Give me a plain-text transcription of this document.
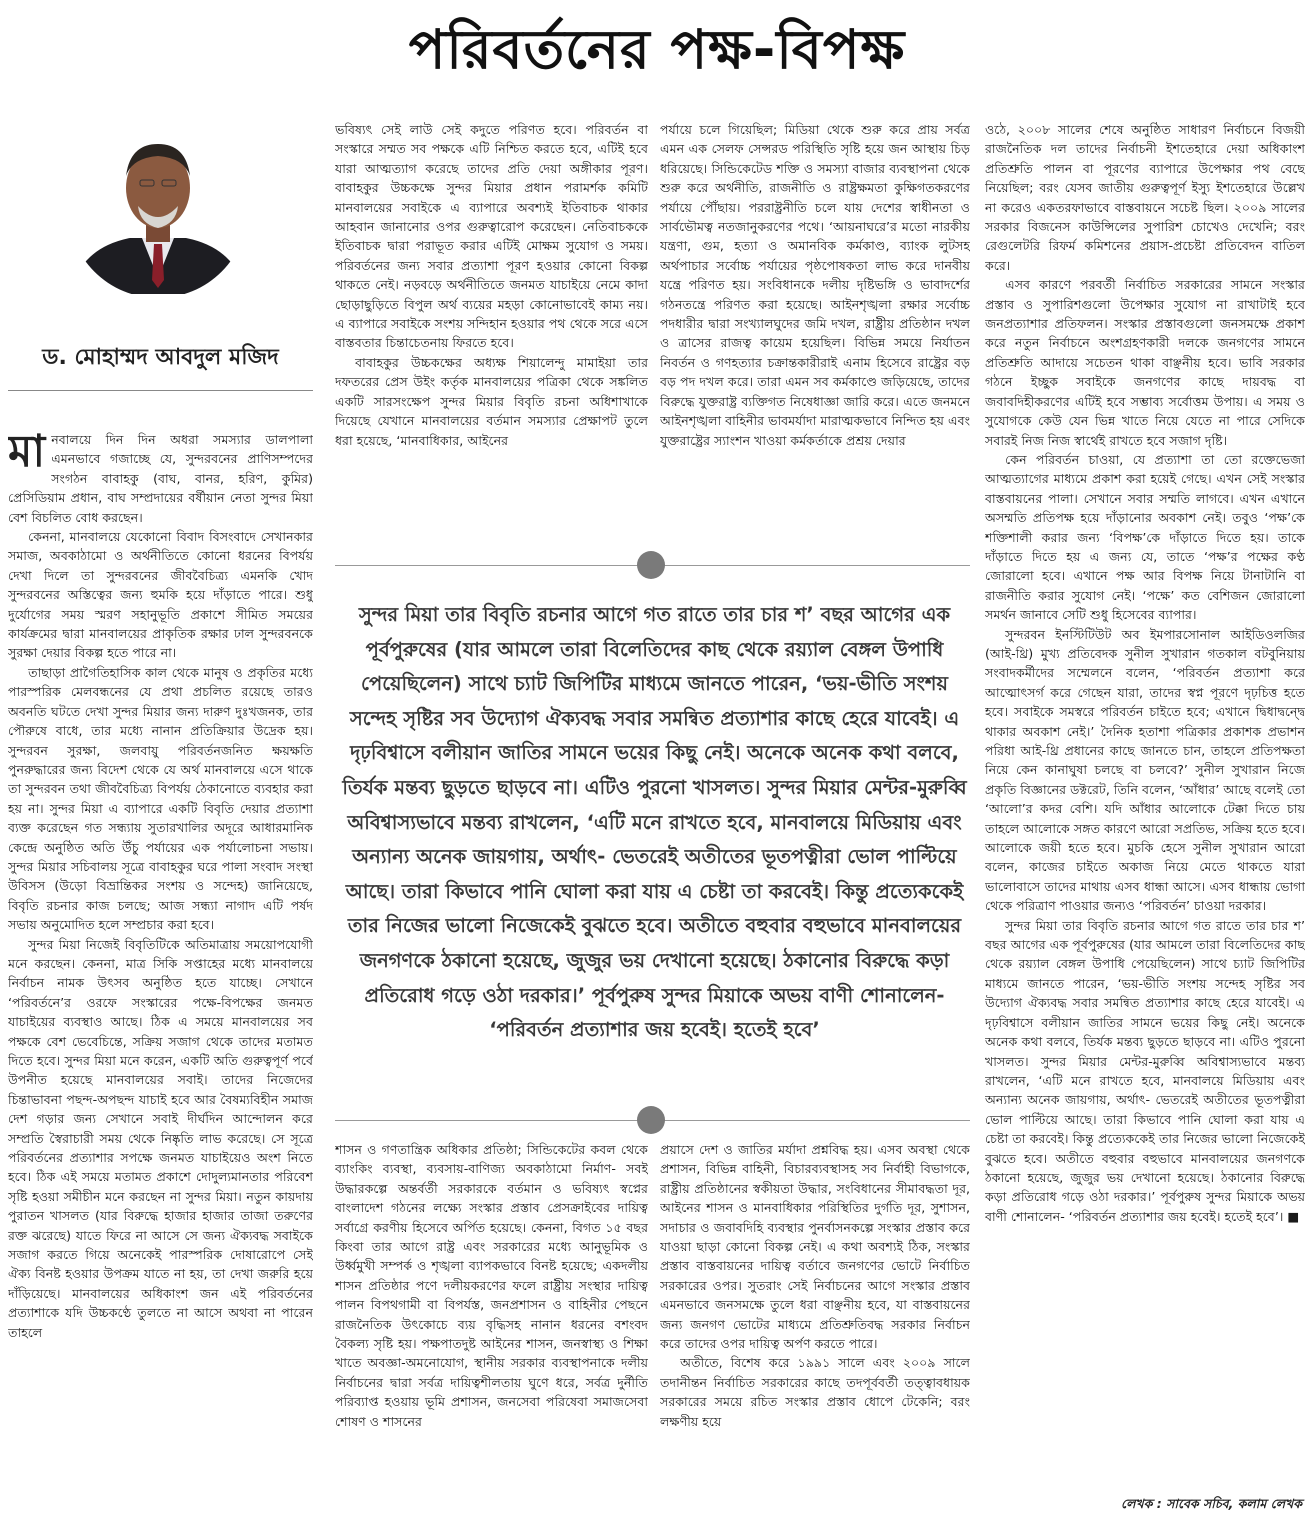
পরিবর্তনের পক্ষ-বিপক্ষ
ড. মোহাম্মদ আবদুল মজিদ

মানবালয়ে দিন দিন অধরা সমস্যার ডালপালা এমনভাবে গজাচ্ছে যে, সুন্দরবনের প্রাণিসম্পদের সংগঠন বাবাহকু (বাঘ, বানর, হরিণ, কুমির) প্রেসিডিয়াম প্রধান, বাঘ সম্প্রদায়ের বর্ষীয়ান নেতা সুন্দর মিয়া বেশ বিচলিত বোধ করছেন।

কেননা, মানবালয়ে যেকোনো বিবাদ বিসংবাদে সেখানকার সমাজ, অবকাঠামো ও অর্থনীতিতে কোনো ধরনের বিপর্যয় দেখা দিলে তা সুন্দরবনের জীববৈচিত্র্য এমনকি খোদ সুন্দরবনের অস্তিত্বের জন্য হুমকি হয়ে দাঁড়াতে পারে। শুধু দুর্যোগের সময় স্মরণ সহানুভূতি প্রকাশে সীমিত সময়ের কার্যক্রমের দ্বারা মানবালয়ের প্রাকৃতিক রক্ষার ঢাল সুন্দরবনকে সুরক্ষা দেয়ার বিকল্প হতে পারে না।

তাছাড়া প্রাগৈতিহাসিক কাল থেকে মানুষ ও প্রকৃতির মধ্যে পারস্পরিক মেলবন্ধনের যে প্রথা প্রচলিত রয়েছে তারও অবনতি ঘটতে দেখা সুন্দর মিয়ার জন্য দারুণ দুঃখজনক, তার পৌরুষে বাধে, তার মধ্যে নানান প্রতিক্রিয়ার উদ্রেক হয়। সুন্দরবন সুরক্ষা, জলবায়ু পরিবর্তনজনিত ক্ষয়ক্ষতি পুনরুদ্ধারের জন্য বিদেশ থেকে যে অর্থ মানবালয়ে এসে থাকে তা সুন্দরবন তথা জীববৈচিত্র্য বিপর্যয় ঠেকানোতে ব্যবহার করা হয় না। সুন্দর মিয়া এ ব্যাপারে একটি বিবৃতি দেয়ার প্রত্যাশা ব্যক্ত করেছেন গত সন্ধ্যায় সুতারখালির অদূরে আধারমানিক কেন্দ্রে অনুষ্ঠিত অতি উঁচু পর্যায়ের এক পর্যালোচনা সভায়। সুন্দর মিয়ার সচিবালয় সূত্রে বাবাহকুর ঘরে পালা সংবাদ সংস্থা উবিসস (উড়ো বিভ্রান্তিকর সংশয় ও সন্দেহ) জানিয়েছে, বিবৃতি রচনার কাজ চলছে; আজ সন্ধ্যা নাগাদ এটি পর্ষদ সভায় অনুমোদিত হলে সম্প্রচার করা হবে।

সুন্দর মিয়া নিজেই বিবৃতিটিকে অতিমাত্রায় সময়োপযোগী মনে করছেন। কেননা, মাত্র সিকি সপ্তাহের মধ্যে মানবালয়ে নির্বাচন নামক উৎসব অনুষ্ঠিত হতে যাচ্ছে। সেখানে ‘পরিবর্তনে’র ওরফে সংস্কারের পক্ষে-বিপক্ষের জনমত যাচাইয়ের ব্যবস্থাও আছে। ঠিক এ সময়ে মানবালয়ের সব পক্ষকে বেশ ভেবেচিন্তে, সক্রিয় সজাগ থেকে তাদের মতামত দিতে হবে। সুন্দর মিয়া মনে করেন, একটি অতি গুরুত্বপূর্ণ পর্বে উপনীত হয়েছে মানবালয়ের সবাই। তাদের নিজেদের চিন্তাভাবনা পছন্দ-অপছন্দ যাচাই হবে আর বৈষম্যবিহীন সমাজ দেশ গড়ার জন্য সেখানে সবাই দীর্ঘদিন আন্দোলন করে সম্প্রতি স্বৈরাচারী সময় থেকে নিষ্কৃতি লাভ করেছে। সে সূত্রে পরিবর্তনের প্রত্যাশার সপক্ষে জনমত যাচাইয়েও অংশ নিতে হবে। ঠিক এই সময়ে মতামত প্রকাশে দোদুল্যমানতার পরিবেশ সৃষ্টি হওয়া সমীচীন মনে করছেন না সুন্দর মিয়া। নতুন কায়দায় পুরাতন খাসলত (যার বিরুদ্ধে হাজার হাজার তাজা তরুণের রক্ত ঝরেছে) যাতে ফিরে না আসে সে জন্য ঐক্যবদ্ধ সবাইকে সজাগ করতে গিয়ে অনেকেই পারস্পরিক দোষারোপে সেই ঐক্য বিনষ্ট হওয়ার উপক্রম যাতে না হয়, তা দেখা জরুরি হয়ে দাঁড়িয়েছে। মানবালয়ের অধিকাংশ জন এই পরিবর্তনের প্রত্যাশাকে যদি উচ্চকণ্ঠে তুলতে না আসে অথবা না পারেন তাহলে

ভবিষ্যৎ সেই লাউ সেই কদুতে পরিণত হবে। পরিবর্তন বা সংস্কারে সম্মত সব পক্ষকে এটি নিশ্চিত করতে হবে, এটিই হবে যারা আত্মত্যাগ করেছে তাদের প্রতি দেয়া অঙ্গীকার পূরণ। বাবাহকুর উচ্চকক্ষে সুন্দর মিয়ার প্রধান পরামর্শক কমিটি মানবালয়ের সবাইকে এ ব্যাপারে অবশ্যই ইতিবাচক থাকার আহবান জানানোর ওপর গুরুত্বারোপ করেছেন। নেতিবাচককে ইতিবাচক দ্বারা পরাভূত করার এটিই মোক্ষম সুযোগ ও সময়। পরিবর্তনের জন্য সবার প্রত্যাশা পূরণ হওয়ার কোনো বিকল্প থাকতে নেই। নড়বড়ে অর্থনীতিতে জনমত যাচাইয়ে নেমে কাদা ছোড়াছুড়িতে বিপুল অর্থ ব্যয়ের মহড়া কোনোভাবেই কাম্য নয়। এ ব্যাপারে সবাইকে সংশয় সন্দিহান হওয়ার পথ থেকে সরে এসে বাস্তবতার চিন্তাচেতনায় ফিরতে হবে।

বাবাহকুর উচ্চকক্ষের অধ্যক্ষ শিয়ালেন্দু মামাইয়া তার দফতরের প্রেস উইং কর্তৃক মানবালয়ের পত্রিকা থেকে সঙ্কলিত একটি সারসংক্ষেপ সুন্দর মিয়ার বিবৃতি রচনা অধিশাখাকে দিয়েছে যেখানে মানবালয়ের বর্তমান সমস্যার প্রেক্ষাপট তুলে ধরা হয়েছে, ‘মানবাধিকার, আইনের

পর্যায়ে চলে গিয়েছিল; মিডিয়া থেকে শুরু করে প্রায় সর্বত্র এমন এক সেলফ সেন্সরড পরিস্থিতি সৃষ্টি হয়ে জন আস্থায় চিড় ধরিয়েছে। সিন্ডিকেটেড শক্তি ও সমস্যা বাজার ব্যবস্থাপনা থেকে শুরু করে অর্থনীতি, রাজনীতি ও রাষ্ট্রক্ষমতা কুক্ষিগতকরণের পর্যায়ে পৌঁছায়। পররাষ্ট্রনীতি চলে যায় দেশের স্বাধীনতা ও সার্বভৌমত্ব নতজানুকরণের পথে। ‘আয়নাঘরে’র মতো নারকীয় যন্ত্রণা, গুম, হত্যা ও অমানবিক কর্মকাণ্ড, ব্যাংক লুটসহ অর্থপাচার সর্বোচ্চ পর্যায়ের পৃষ্ঠপোষকতা লাভ করে দানবীয় যন্ত্রে পরিণত হয়। সংবিধানকে দলীয় দৃষ্টিভঙ্গি ও ভাবাদর্শের গঠনতন্ত্রে পরিণত করা হয়েছে। আইনশৃঙ্খলা রক্ষার সর্বোচ্চ পদধারীর দ্বারা সংখ্যালঘুদের জমি দখল, রাষ্ট্রীয় প্রতিষ্ঠান দখল ও ত্রাসের রাজত্ব কায়েম হয়েছিল। বিভিন্ন সময়ে নির্যাতন নিবর্তন ও গণহত্যার চক্রান্তকারীরাই এনাম হিসেবে রাষ্ট্রের বড় বড় পদ দখল করে। তারা এমন সব কর্মকাণ্ডে জড়িয়েছে, তাদের বিরুদ্ধে যুক্তরাষ্ট্র ব্যক্তিগত নিষেধাজ্ঞা জারি করে। এতে জনমনে আইনশৃঙ্খলা বাহিনীর ভাবমর্যাদা মারাত্মকভাবে নিন্দিত হয় এবং যুক্তরাষ্ট্রের স্যাংশন খাওয়া কর্মকর্তাকে প্রশ্রয় দেয়ার

সুন্দর মিয়া তার বিবৃতি রচনার আগে গত রাতে তার চার শ’ বছর আগের এক পূর্বপুরুষের (যার আমলে তারা বিলেতিদের কাছ থেকে রয়্যাল বেঙ্গল উপাধি পেয়েছিলেন) সাথে চ্যাট জিপিটির মাধ্যমে জানতে পারেন, ‘ভয়-ভীতি সংশয় সন্দেহ সৃষ্টির সব উদ্যোগ ঐক্যবদ্ধ সবার সমন্বিত প্রত্যাশার কাছে হেরে যাবেই। এ দৃঢ়বিশ্বাসে বলীয়ান জাতির সামনে ভয়ের কিছু নেই। অনেকে অনেক কথা বলবে, তির্যক মন্তব্য ছুড়তে ছাড়বে না। এটিও পুরনো খাসলত। সুন্দর মিয়ার মেন্টর-মুরুব্বি অবিশ্বাস্যভাবে মন্তব্য রাখলেন, ‘এটি মনে রাখতে হবে, মানবালয়ে মিডিয়ায় এবং অন্যান্য অনেক জায়গায়, অর্থাৎ- ভেতরেই অতীতের ভূতপত্নীরা ভোল পাল্টিয়ে আছে। তারা কিভাবে পানি ঘোলা করা যায় এ চেষ্টা তা করবেই। কিন্তু প্রত্যেককেই তার নিজের ভালো নিজেকেই বুঝতে হবে। অতীতে বহুবার বহুভাবে মানবালয়ের জনগণকে ঠকানো হয়েছে, জুজুর ভয় দেখানো হয়েছে। ঠকানোর বিরুদ্ধে কড়া প্রতিরোধ গড়ে ওঠা দরকার।’ পূর্বপুরুষ সুন্দর মিয়াকে অভয় বাণী শোনালেন- ‘পরিবর্তন প্রত্যাশার জয় হবেই। হতেই হবে’

শাসন ও গণতান্ত্রিক অধিকার প্রতিষ্ঠা; সিন্ডিকেটের কবল থেকে ব্যাংকিং ব্যবস্থা, ব্যবসায়-বাণিজ্য অবকাঠামো নির্মাণ- সবই উদ্ধারকল্পে অন্তর্বর্তী সরকারকে বর্তমান ও ভবিষ্যৎ স্বপ্নের বাংলাদেশ গঠনের লক্ষ্যে সংস্কার প্রস্তাব প্রেসক্রাইবের দায়িত্ব সর্বাগ্রে করণীয় হিসেবে অর্পিত হয়েছে। কেননা, বিগত ১৫ বছর কিংবা তার আগে রাষ্ট্র এবং সরকারের মধ্যে আনুভূমিক ও উর্ধ্বমুখী সম্পর্ক ও শৃঙ্খলা ব্যাপকভাবে বিনষ্ট হয়েছে; একদলীয় শাসন প্রতিষ্ঠার পণে দলীয়করণের ফলে রাষ্ট্রীয় সংস্থার দায়িত্ব পালন বিপথগামী বা বিপর্যস্ত, জনপ্রশাসন ও বাহিনীর পেছনে রাজনৈতিক উৎকোচে ব্যয় বৃদ্ধিসহ নানান ধরনের বশংবদ বৈকল্য সৃষ্টি হয়। পক্ষপাতদুষ্ট আইনের শাসন, জনস্বাস্থ্য ও শিক্ষা খাতে অবজ্ঞা-অমনোযোগ, স্থানীয় সরকার ব্যবস্থাপনাকে দলীয় নির্বাচনের দ্বারা সর্বত্র দায়িত্বশীলতায় ঘুণে ধরে, সর্বত্র দুর্নীতি পরিব্যাপ্ত হওয়ায় ভূমি প্রশাসন, জনসেবা পরিষেবা সমাজসেবা শোষণ ও শাসনের

প্রয়াসে দেশ ও জাতির মর্যাদা প্রশ্নবিদ্ধ হয়। এসব অবস্থা থেকে প্রশাসন, বিভিন্ন বাহিনী, বিচারব্যবস্থাসহ সব নির্বাহী বিভাগকে, রাষ্ট্রীয় প্রতিষ্ঠানের স্বকীয়তা উদ্ধার, সংবিধানের সীমাবদ্ধতা দূর, আইনের শাসন ও মানবাধিকার পরিস্থিতির দুর্গতি দূর, সুশাসন, সদাচার ও জবাবদিহি ব্যবস্থার পুনর্বাসনকল্পে সংস্কার প্রস্তাব করে যাওয়া ছাড়া কোনো বিকল্প নেই। এ কথা অবশ্যই ঠিক, সংস্কার প্রস্তাব বাস্তবায়নের দায়িত্ব বর্তাবে জনগণের ভোটে নির্বাচিত সরকারের ওপর। সুতরাং সেই নির্বাচনের আগে সংস্কার প্রস্তাব এমনভাবে জনসমক্ষে তুলে ধরা বাঞ্ছনীয় হবে, যা বাস্তবায়নের জন্য জনগণ ভোটের মাধ্যমে প্রতিশ্রুতিবদ্ধ সরকার নির্বাচন করে তাদের ওপর দায়িত্ব অর্পণ করতে পারে।

অতীতে, বিশেষ করে ১৯৯১ সালে এবং ২০০৯ সালে তদানীন্তন নির্বাচিত সরকারের কাছে তদপূর্ববর্তী তত্ত্বাবধায়ক সরকারের সময়ে রচিত সংস্কার প্রস্তাব ধোপে টেকেনি; বরং লক্ষণীয় হয়ে

ওঠে, ২০০৮ সালের শেষে অনুষ্ঠিত সাধারণ নির্বাচনে বিজয়ী রাজনৈতিক দল তাদের নির্বাচনী ইশতেহারে দেয়া অধিকাংশ প্রতিশ্রুতি পালন বা পূরণের ব্যাপারে উপেক্ষার পথ বেছে নিয়েছিল; বরং যেসব জাতীয় গুরুত্বপূর্ণ ইস্যু ইশতেহারে উল্লেখ না করেও একতরফাভাবে বাস্তবায়নে সচেষ্ট ছিল। ২০০৯ সালের সরকার বিজনেস কাউন্সিলের সুপারিশ চোখেও দেখেনি; বরং রেগুলেটরি রিফর্ম কমিশনের প্রয়াস-প্রচেষ্টা প্রতিবেদন বাতিল করে।

এসব কারণে পরবর্তী নির্বাচিত সরকারের সামনে সংস্কার প্রস্তাব ও সুপারিশগুলো উপেক্ষার সুযোগ না রাখাটাই হবে জনপ্রত্যাশার প্রতিফলন। সংস্কার প্রস্তাবগুলো জনসমক্ষে প্রকাশ করে নতুন নির্বাচনে অংশগ্রহণকারী দলকে জনগণের সামনে প্রতিশ্রুতি আদায়ে সচেতন থাকা বাঞ্ছনীয় হবে। ভাবি সরকার গঠনে ইচ্ছুক সবাইকে জনগণের কাছে দায়বদ্ধ বা জবাবদিহীকরণের এটিই হবে সম্ভাব্য সর্বোত্তম উপায়। এ সময় ও সুযোগকে কেউ যেন ভিন্ন খাতে নিয়ে যেতে না পারে সেদিকে সবারই নিজ নিজ স্বার্থেই রাখতে হবে সজাগ দৃষ্টি।

কেন পরিবর্তন চাওয়া, যে প্রত্যাশা তা তো রক্তেভেজা আত্মত্যাগের মাধ্যমে প্রকাশ করা হয়েই গেছে। এখন সেই সংস্কার বাস্তবায়নের পালা। সেখানে সবার সম্মতি লাগবে। এখন এখানে অসম্মতি প্রতিপক্ষ হয়ে দাঁড়ানোর অবকাশ নেই। তবুও ‘পক্ষ’কে শক্তিশালী করার জন্য ‘বিপক্ষ’কে দাঁড়াতে দিতে হয়। তাকে দাঁড়াতে দিতে হয় এ জন্য যে, তাতে ‘পক্ষ’র পক্ষের কণ্ঠ জোরালো হবে। এখানে পক্ষ আর বিপক্ষ নিয়ে টানাটানি বা রাজনীতি করার সুযোগ নেই। ‘পক্ষে’ কত বেশিজন জোরালো সমর্থন জানাবে সেটি শুধু হিসেবের ব্যাপার।

সুন্দরবন ইনস্টিটিউট অব ইমপারসোনাল আইডিওলজির (আই-থ্রি) মুখ্য প্রতিবেদক সুনীল সুখারান গতকাল বটবুনিয়ায় সংবাদকর্মীদের সম্মেলনে বলেন, ‘পরিবর্তন প্রত্যাশা করে আত্মোৎসর্গ করে গেছেন যারা, তাদের স্বপ্ন পূরণে দৃঢ়চিত্ত হতে হবে। সবাইকে সমস্বরে পরিবর্তন চাইতে হবে; এখানে দ্বিধাদ্বন্দ্বে থাকার অবকাশ নেই।’ দৈনিক হতাশা পত্রিকার প্রকাশক প্রভাশন পরিধা আই-থ্রি প্রধানের কাছে জানতে চান, তাহলে প্রতিপক্ষতা নিয়ে কেন কানাঘুষা চলছে বা চলবে?’ সুনীল সুখারান নিজে প্রকৃতি বিজ্ঞানের ডক্টরেট, তিনি বলেন, ‘আঁধার’ আছে বলেই তো ‘আলো’র কদর বেশি। যদি আঁধার আলোকে টেক্কা দিতে চায় তাহলে আলোকে সঙ্গত কারণে আরো সপ্রতিভ, সক্রিয় হতে হবে। আলোকে জয়ী হতে হবে। মুচকি হেসে সুনীল সুখারান আরো বলেন, কাজের চাইতে অকাজ নিয়ে মেতে থাকতে যারা ভালোবাসে তাদের মাথায় এসব ধান্ধা আসে। এসব ধান্ধায় ভোগা থেকে পরিত্রাণ পাওয়ার জন্যও ‘পরিবর্তন’ চাওয়া দরকার।

সুন্দর মিয়া তার বিবৃতি রচনার আগে গত রাতে তার চার শ’ বছর আগের এক পূর্বপুরুষের (যার আমলে তারা বিলেতিদের কাছ থেকে রয়্যাল বেঙ্গল উপাধি পেয়েছিলেন) সাথে চ্যাট জিপিটির মাধ্যমে জানতে পারেন, ‘ভয়-ভীতি সংশয় সন্দেহ সৃষ্টির সব উদ্যোগ ঐক্যবদ্ধ সবার সমন্বিত প্রত্যাশার কাছে হেরে যাবেই। এ দৃঢ়বিশ্বাসে বলীয়ান জাতির সামনে ভয়ের কিছু নেই। অনেকে অনেক কথা বলবে, তির্যক মন্তব্য ছুড়তে ছাড়বে না। এটিও পুরনো খাসলত। সুন্দর মিয়ার মেন্টর-মুরুব্বি অবিশ্বাস্যভাবে মন্তব্য রাখলেন, ‘এটি মনে রাখতে হবে, মানবালয়ে মিডিয়ায় এবং অন্যান্য অনেক জায়গায়, অর্থাৎ- ভেতরেই অতীতের ভূতপত্নীরা ভোল পাল্টিয়ে আছে। তারা কিভাবে পানি ঘোলা করা যায় এ চেষ্টা তা করবেই। কিন্তু প্রত্যেককেই তার নিজের ভালো নিজেকেই বুঝতে হবে। অতীতে বহুবার বহুভাবে মানবালয়ের জনগণকে ঠকানো হয়েছে, জুজুর ভয় দেখানো হয়েছে। ঠকানোর বিরুদ্ধে কড়া প্রতিরোধ গড়ে ওঠা দরকার।’ পূর্বপুরুষ সুন্দর মিয়াকে অভয় বাণী শোনালেন- ‘পরিবর্তন প্রত্যাশার জয় হবেই। হতেই হবে’। ■

লেখক : সাবেক সচিব, কলাম লেখক
